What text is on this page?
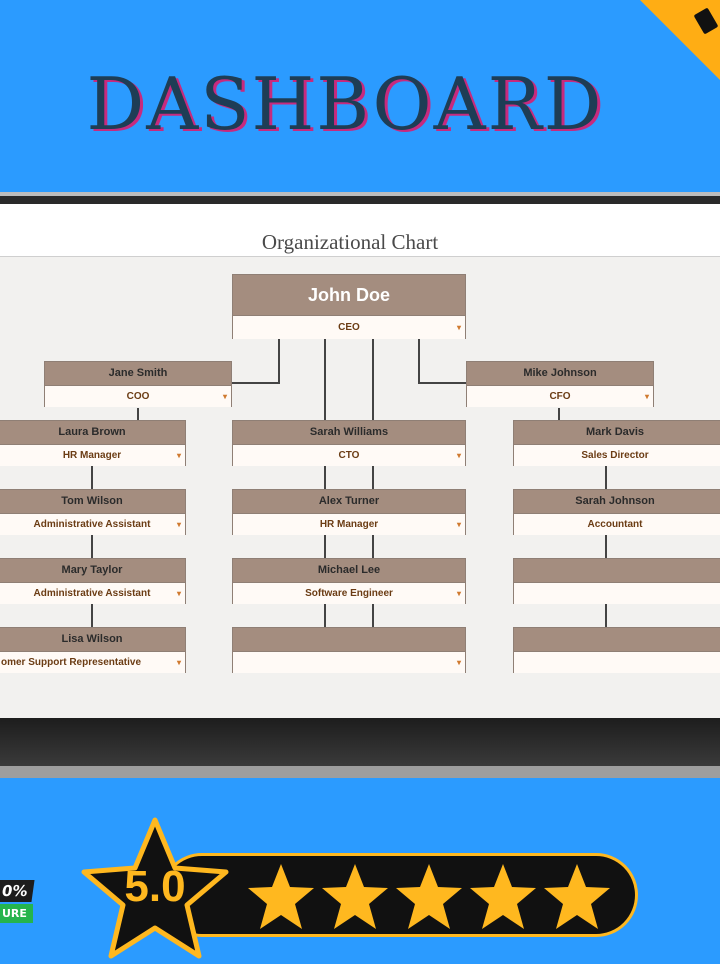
DASHBOARD
Organizational Chart
John Doe
CEO	▾
Jane Smith
COO	▾
Mike Johnson
CFO	▾
Laura Brown
HR Manager	▾
Tom Wilson
Administrative Assistant	▾
Mary Taylor
Administrative Assistant	▾
Lisa Wilson
omer Support Representative	▾
Sarah Williams
CTO	▾
Alex Turner
HR Manager	▾
Michael Lee
Software Engineer	▾
▾
Mark Davis
Sales Director
Sarah Johnson
Accountant
0%
URE
5.0
